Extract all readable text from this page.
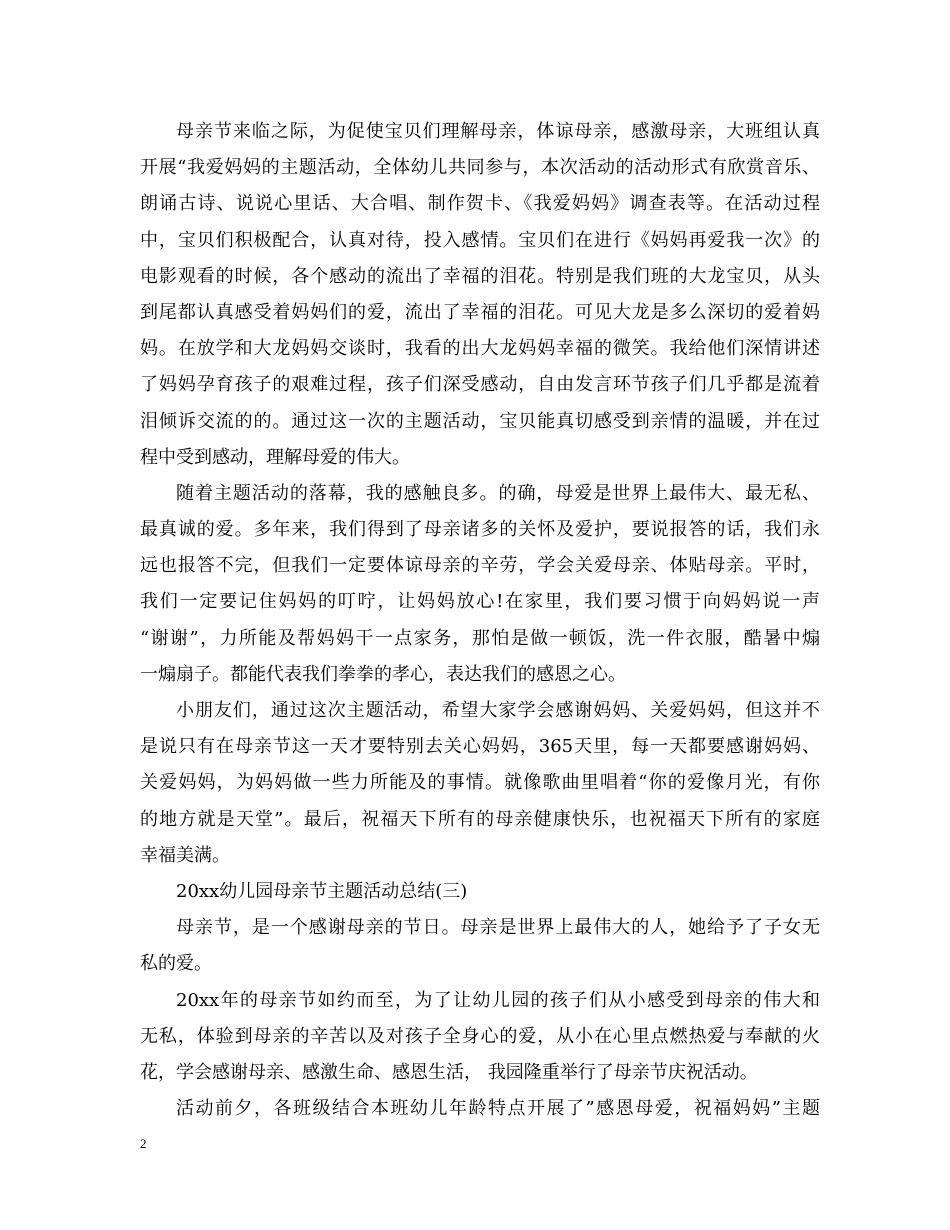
母亲节来临之际，为促使宝贝们理解母亲，体谅母亲，感激母亲，大班组认真
开展“我爱妈妈的主题活动，全体幼儿共同参与，本次活动的活动形式有欣赏音乐、
朗诵古诗、说说心里话、大合唱、制作贺卡、《我爱妈妈》调查表等。在活动过程
中，宝贝们积极配合，认真对待，投入感情。宝贝们在进行《妈妈再爱我一次》的
电影观看的时候，各个感动的流出了幸福的泪花。特别是我们班的大龙宝贝，从头
到尾都认真感受着妈妈们的爱，流出了幸福的泪花。可见大龙是多么深切的爱着妈
妈。在放学和大龙妈妈交谈时，我看的出大龙妈妈幸福的微笑。我给他们深情讲述
了妈妈孕育孩子的艰难过程，孩子们深受感动，自由发言环节孩子们几乎都是流着
泪倾诉交流的的。通过这一次的主题活动，宝贝能真切感受到亲情的温暖，并在过
程中受到感动，理解母爱的伟大。
随着主题活动的落幕，我的感触良多。的确，母爱是世界上最伟大、最无私、
最真诚的爱。多年来，我们得到了母亲诸多的关怀及爱护，要说报答的话，我们永
远也报答不完，但我们一定要体谅母亲的辛劳，学会关爱母亲、体贴母亲。平时，
我们一定要记住妈妈的叮咛，让妈妈放心!在家里，我们要习惯于向妈妈说一声
“谢谢”，力所能及帮妈妈干一点家务，那怕是做一顿饭，洗一件衣服，酷暑中煽
一煽扇子。都能代表我们拳拳的孝心，表达我们的感恩之心。
小朋友们，通过这次主题活动，希望大家学会感谢妈妈、关爱妈妈，但这并不
是说只有在母亲节这一天才要特别去关心妈妈，365天里，每一天都要感谢妈妈、
关爱妈妈，为妈妈做一些力所能及的事情。就像歌曲里唱着“你的爱像月光，有你
的地方就是天堂”。最后，祝福天下所有的母亲健康快乐，也祝福天下所有的家庭
幸福美满。
20xx幼儿园母亲节主题活动总结(三)
母亲节，是一个感谢母亲的节日。母亲是世界上最伟大的人，她给予了子女无
私的爱。
20xx年的母亲节如约而至，为了让幼儿园的孩子们从小感受到母亲的伟大和
无私，体验到母亲的辛苦以及对孩子全身心的爱，从小在心里点燃热爱与奉献的火
花，学会感谢母亲、感激生命、感恩生活， 我园隆重举行了母亲节庆祝活动。
活动前夕，各班级结合本班幼儿年龄特点开展了”感恩母爱，祝福妈妈”主题
2
